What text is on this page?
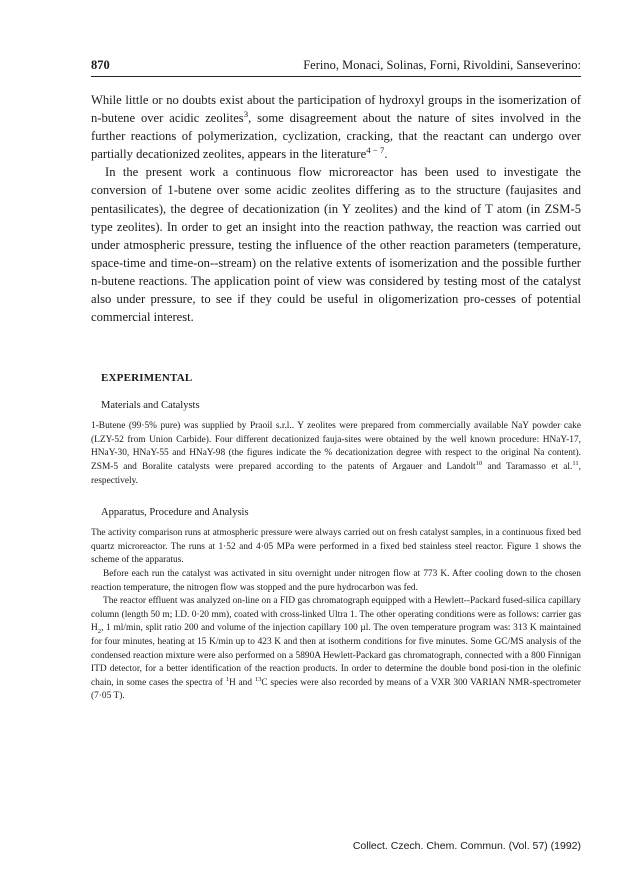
870	Ferino, Monaci, Solinas, Forni, Rivoldini, Sanseverino:

While little or no doubts exist about the participation of hydroxyl groups in the isomerization of n-butene over acidic zeolites$^3$, some disagreement about the nature of sites involved in the further reactions of polymerization, cyclization, cracking, that the reactant can undergo over partially decationized zeolites, appears in the literature$^{4 - 7}$.

In the present work a continuous flow microreactor has been used to investigate the conversion of 1-butene over some acidic zeolites differing as to the structure (faujasites and pentasilicates), the degree of decationization (in Y zeolites) and the kind of T atom (in ZSM-5 type zeolites). In order to get an insight into the reaction pathway, the reaction was carried out under atmospheric pressure, testing the influence of the other reaction parameters (temperature, space-time and time-on--stream) on the relative extents of isomerization and the possible further n-butene reactions. The application point of view was considered by testing most of the catalyst also under pressure, to see if they could be useful in oligomerization pro-cesses of potential commercial interest.

EXPERIMENTAL
Materials and Catalysts

1-Butene (99·5% pure) was supplied by Praoil s.r.l.. Y zeolites were prepared from commercially available NaY powder cake (LZY-52 from Union Carbide). Four different decationized fauja-sites were obtained by the well known procedure: HNaY-17, HNaY-30, HNaY-55 and HNaY-98 (the figures indicate the % decationization degree with respect to the original Na content). ZSM-5 and Boralite catalysts were prepared according to the patents of Argauer and Landolt$^{10}$ and Taramasso et al.$^{11}$, respectively.

Apparatus, Procedure and Analysis

The activity comparison runs at atmospheric pressure were always carried out on fresh catalyst samples, in a continuous fixed bed quartz microreactor. The runs at 1·52 and 4·05 MPa were performed in a fixed bed stainless steel reactor. Figure 1 shows the scheme of the apparatus.

Before each run the catalyst was activated in situ overnight under nitrogen flow at 773 K. After cooling down to the chosen reaction temperature, the nitrogen flow was stopped and the pure hydrocarbon was fed.

The reactor effluent was analyzed on-line on a FID gas chromatograph equipped with a Hewlett--Packard fused-silica capillary column (length 50 m; I.D. 0·20 mm), coated with cross-linked Ultra 1. The other operating conditions were as follows: carrier gas $H_2$, 1 ml/min, split ratio 200 and volume of the injection capillary 100 µl. The oven temperature program was: 313 K maintained for four minutes, heating at 15 K/min up to 423 K and then at isotherm conditions for five minutes. Some GC/MS analysis of the condensed reaction mixture were also performed on a 5890A Hewlett-Packard gas chromatograph, connected with a 800 Finnigan ITD detector, for a better identification of the reaction products. In order to determine the double bond posi-tion in the olefinic chain, in some cases the spectra of $^1$H and $^{13}$C species were also recorded by means of a VXR 300 VARIAN NMR-spectrometer (7·05 T).

Collect. Czech. Chem. Commun. (Vol. 57) (1992)
